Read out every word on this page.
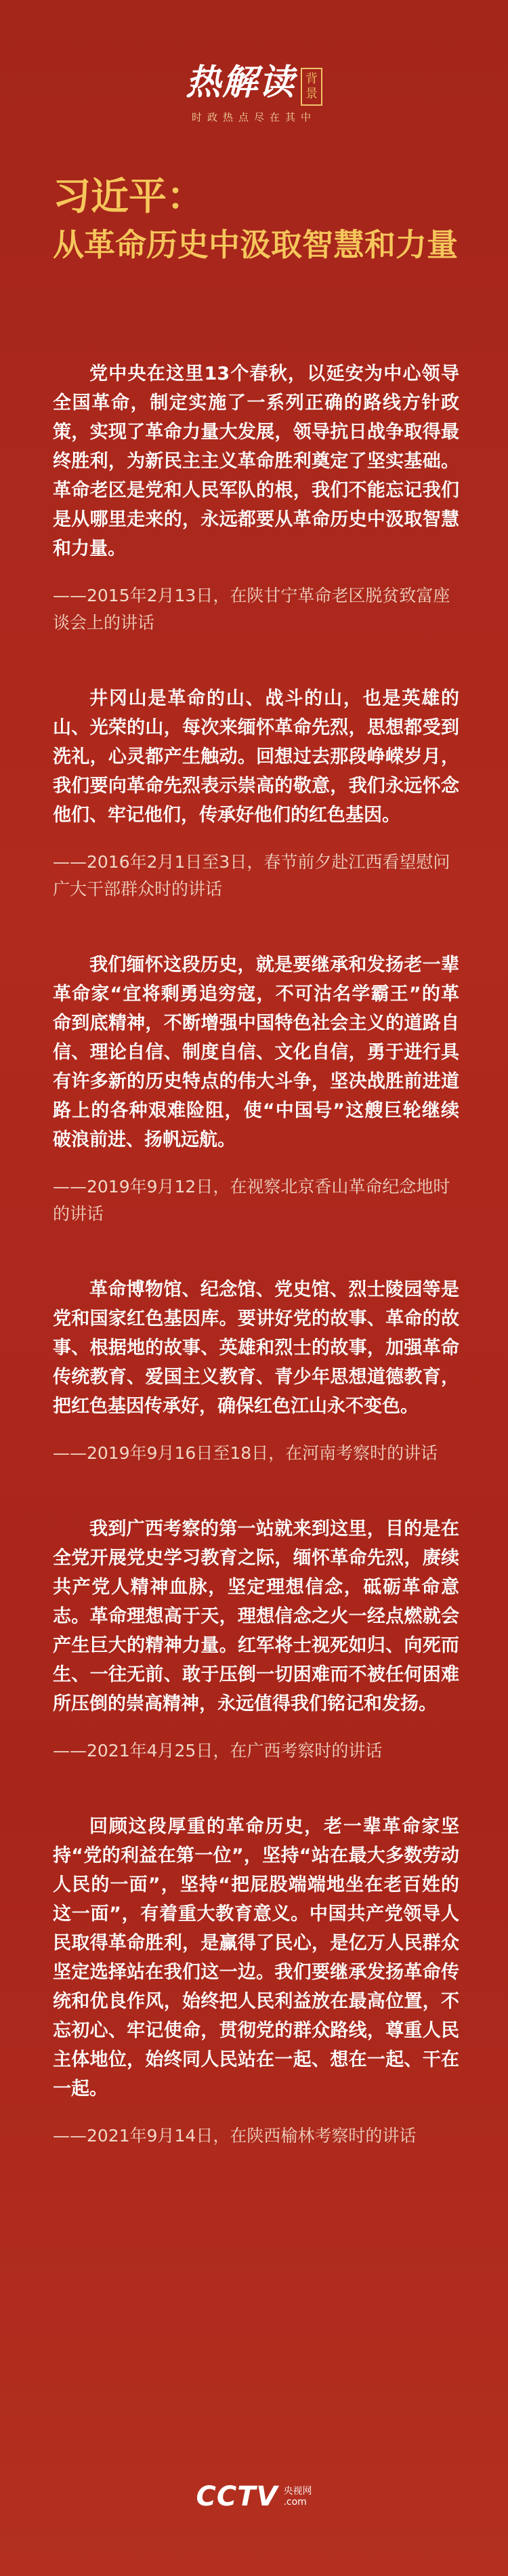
热解读 背景
时政热点尽在其中
习近平：
从革命历史中汲取智慧和力量

党中央在这里13个春秋，以延安为中心领导全国革命，制定实施了一系列正确的路线方针政策，实现了革命力量大发展，领导抗日战争取得最终胜利，为新民主主义革命胜利奠定了坚实基础。革命老区是党和人民军队的根，我们不能忘记我们是从哪里走来的，永远都要从革命历史中汲取智慧和力量。

——2015年2月13日，在陕甘宁革命老区脱贫致富座谈会上的讲话

井冈山是革命的山、战斗的山，也是英雄的山、光荣的山，每次来缅怀革命先烈，思想都受到洗礼，心灵都产生触动。回想过去那段峥嵘岁月，我们要向革命先烈表示崇高的敬意，我们永远怀念他们、牢记他们，传承好他们的红色基因。

——2016年2月1日至3日，春节前夕赴江西看望慰问广大干部群众时的讲话

我们缅怀这段历史，就是要继承和发扬老一辈革命家“宜将剩勇追穷寇，不可沽名学霸王”的革命到底精神，不断增强中国特色社会主义的道路自信、理论自信、制度自信、文化自信，勇于进行具有许多新的历史特点的伟大斗争，坚决战胜前进道路上的各种艰难险阻，使“中国号”这艘巨轮继续破浪前进、扬帆远航。

——2019年9月12日，在视察北京香山革命纪念地时的讲话

革命博物馆、纪念馆、党史馆、烈士陵园等是党和国家红色基因库。要讲好党的故事、革命的故事、根据地的故事、英雄和烈士的故事，加强革命传统教育、爱国主义教育、青少年思想道德教育，把红色基因传承好，确保红色江山永不变色。

——2019年9月16日至18日，在河南考察时的讲话

我到广西考察的第一站就来到这里，目的是在全党开展党史学习教育之际，缅怀革命先烈，赓续共产党人精神血脉，坚定理想信念，砥砺革命意志。革命理想高于天，理想信念之火一经点燃就会产生巨大的精神力量。红军将士视死如归、向死而生、一往无前、敢于压倒一切困难而不被任何困难所压倒的崇高精神，永远值得我们铭记和发扬。

——2021年4月25日，在广西考察时的讲话

回顾这段厚重的革命历史，老一辈革命家坚持“党的利益在第一位”，坚持“站在最大多数劳动人民的一面”，坚持“把屁股端端地坐在老百姓的这一面”，有着重大教育意义。中国共产党领导人民取得革命胜利，是赢得了民心，是亿万人民群众坚定选择站在我们这一边。我们要继承发扬革命传统和优良作风，始终把人民利益放在最高位置，不忘初心、牢记使命，贯彻党的群众路线，尊重人民主体地位，始终同人民站在一起、想在一起、干在一起。

——2021年9月14日，在陕西榆林考察时的讲话

CCTV 央视网
.com
